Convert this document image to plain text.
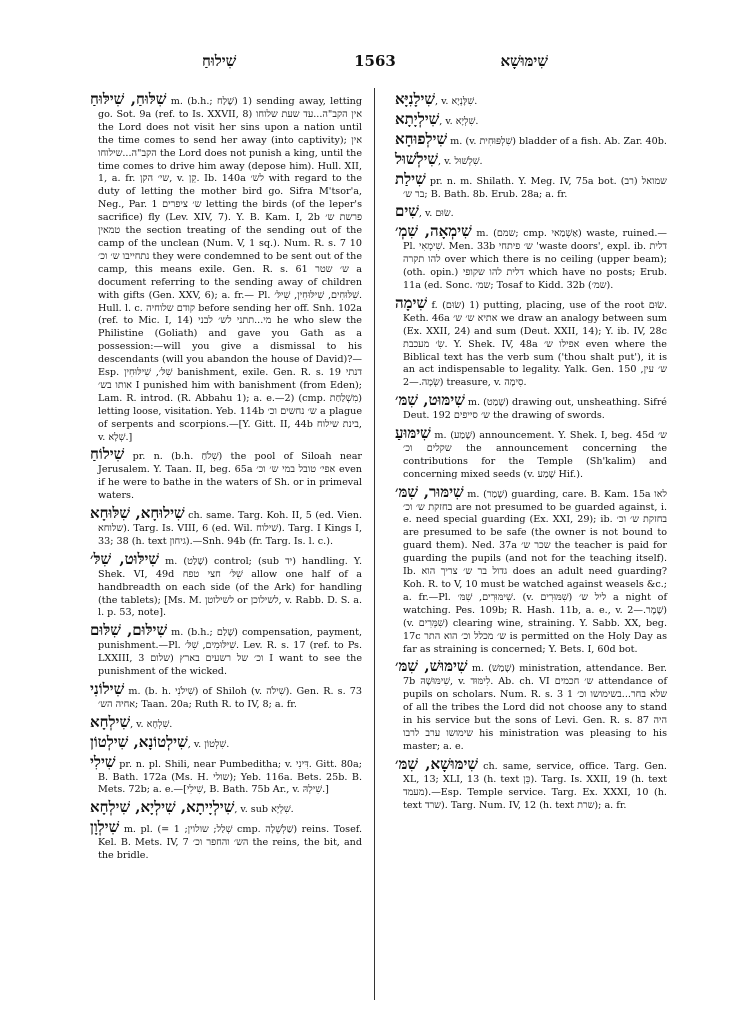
שִׁילוּחַ	1563	שִׁימּוּשָׁא

שִׁלּוּחַ, שִׁילּוּחַ m. (b.h.; שָׁלַח) 1) sending away, letting go. Sot. 9a (ref. to Is. XXVII, 8) אין הקב"ה...עד שעת שלוחו the Lord does not visit her sins upon a nation until the time comes to send her away (into captivity); אין הקב"ה...שילוחו the Lord does not punish a king, until the time comes to drive him away (depose him). Hull. XII, 1, a. fr. שי׳ הקן, v. קֵן. Ib. 140a לש׳ with regard to the duty of letting the mother bird go. Sifra M'tsor'a, Neg., Par. 1 ש׳ ציפרים letting the birds (of the leper's sacrifice) fly (Lev. XIV, 7). Y. B. Kam. I, 2b פרשת ש׳ טמאין the section treating of the sending out of the camp of the unclean (Num. V, 1 sq.). Num. R. s. 7 10 נתחייבו ש׳ וכ׳ they were condemned to be sent out of the camp, this means exile. Gen. R. s. 61 ש׳ שטר a document referring to the sending away of children with gifts (Gen. XXV, 6); a. fr.— Pl. שִׁלּוּחִים, שִׁילּוּחִין, שִׁילּ׳. Hull. l. c. קודם שלוחיה before sending her off. Snh. 102a (ref. to Mic. I, 14) מי...תתני לש׳ לבני he who slew the Philistine (Goliath) and gave you Gath as a possession:—will you give a dismissal to his descendants (will you abandon the house of David)?— Esp. שִׁלּ׳, שִׁילּוּחִין banishment, exile. Gen. R. s. 19 דנתי אותו בש׳ I punished him with banishment (from Eden); Lam. R. introd. (R. Abbahu 1); a. e.—2) (cmp. מִשְׁלַחַת) letting loose, visitation. Yeb. 114b ש׳ נחשים וכ׳ a plague of serpents and scorpions.—[Y. Gitt. II, 44b בינת שילוח, v. שְׁלָא.]

שִׁילוֹחַ pr. n. (b.h. שִׁלֹחַ) the pool of Siloah near Jerusalem. Y. Taan. II, beg. 65a אפי׳ טובל במי ש׳ וכ׳ even if he were to bathe in the waters of Sh. or in primeval waters.

שִׁילוּחָא, שִׁלּוּחָא ch. same. Targ. Koh. II, 5 (ed. Vien. שלוחא). Targ. Is. VIII, 6 (ed. Wil. שׁילוח). Targ. I Kings I, 33; 38 (h. text גיחון).—Snh. 94b (fr. Targ. Is. l. c.).

שִׁילּוּט, שִׁלּ׳ m. (שָׁלַט) control; (sub יד) handling. Y. Shek. VI, 49d שִׁלּ׳ חצי טפח allow one half of a handbreadth on each side (of the Ark) for handling (the tablets); [Ms. M. לשילוטן or לשילוכן, v. Rabb. D. S. a. l. p. 53, note].

שִׁילּוּם, שִׁלּוּם m. (b.h.; שָׁלַם) compensation, payment, punishment.—Pl. שִׁילּוּמִים, שִׁלּ׳. Lev. R. s. 17 (ref. to Ps. LXXIII, 3 וכ׳ של רשעים בארץ (שלום I want to see the punishment of the wicked.

שִׁילוֹנִי m. (b. h. שִׁילֹנִי) of Shiloh (v. שִׁילֹה). Gen. R. s. 73 אחיה הש׳; Taan. 20a; Ruth R. to IV, 8; a. fr.

שִׁילְחָא, v. שִׁלְחָא.

שִׁילְטוֹנָא, שִׁילְטוֹן, v. שִׁלְטוֹן.

שִׁילִי pr. n. pl. Shili, near Pumbeditha; v. דִּינִי. Gitt. 80a; B. Bath. 172a (Ms. H. שולי); Yeb. 116a. Bets. 25b. B. Mets. 72b; a. e.—[שִׁילִי, B. Bath. 75b Ar., v. שִׁילְהּ.]

שִׁילְיָיתָא, שִׁילְיָא, שִׁילְחָא, v. sub שִׁלְיָא.

שִׁילְוָן m. pl. (= שְׁלַל; שולוין; 1 cmp. שַׁלְשְׁלָה) reins. Tosef. Kel. B. Mets. IV, 7 הש׳ והחפר וכ׳ the reins, the bit, and the bridle.

שִׁילָנִיָּא, v. שִׁלָּנְיָא.

שִׁילְיָתָא, v. שִׁלְיָא.

שִׁילְפוּחָא m. (v. שִׁלְפּוּחִית) bladder of a fish. Ab. Zar. 40b.

שִׁילְשׁוּל, v. שִׁלְשׁוּל.

שִׁילַת pr. n. m. Shilath. Y. Meg. IV, 75a bot. (רב) שמואל בר ש׳; B. Bath. 8b. Erub. 28a; a. fr.

שִׁים, v. שׂוּם.

שִׁימְאָה, שִׁמְ׳ m. (שמם; cmp. אַשְׁמַאי) waste, ruined.— Pl. שִׁימְאִי. Men. 33b ש׳ פיתחי 'waste doors', expl. ib. דלית להו תקרה over which there is no ceiling (upper beam); (oth. opin.) דלית להו שקופי which have no posts; Erub. 11a (ed. Sonc. שמ׳; Tosaf to Kidd. 32b (שמ׳).

שִׁימָה f. (שׂוּם) 1) putting, placing, use of the root שׂוּם. Keth. 46a אתיא ש׳ ש׳ we draw an analogy between sum (Ex. XXII, 24) and sum (Deut. XXII, 14); Y. ib. IV, 28c שִׂ׳ מעכבת. Y. Shek. IV, 48a אפילו ש׳ even where the Biblical text has the verb sum ('thou shalt put'), it is an act indispensable to legality. Yalk. Gen. 150 ש׳ עין, שְׂמָה.—2) treasure, v. סִימָה.

שִׁימּוּט, שִׁמּ׳ m. (שָׁמַט) drawing out, unsheathing. Sifré Deut. 192 ש׳ סייפים the drawing of swords.

שִׁימּוּעַ m. (שָׁמַע) announcement. Y. Shek. I, beg. 45d ש׳ שקלים וכ׳ the announcement concerning the contributions for the Temple (Sh'kalim) and concerning mixed seeds (v. שָׁמַע Hif.).

שִׁימּוּר, שִׁמּ׳ m. (שָׁמַר) guarding, care. B. Kam. 15a לאו בחזקת ש׳ וכ׳ are not presumed to be guarded against, i. e. need special guarding (Ex. XXI, 29); ib. בחזקת ש׳ וכ׳ are presumed to be safe (the owner is not bound to guard them). Ned. 37a שכר ש׳ the teacher is paid for guarding the pupils (and not for the teaching itself). Ib. גדול בר ש׳ צריך הוא does an adult need guarding? Koh. R. to V, 10 must be watched against weasels &c.; a. fr.—Pl. שִׁימּוּרִים, שִׁמּ׳. (v. שִׁמּוּרִים) ליל ש׳ a night of watching. Pes. 109b; R. Hash. 11b, a. e., v. שֶׁמֶר.—2) (v. שִׁמְּרִים) clearing wine, straining. Y. Sabb. XX, beg. 17c ש׳ מכלל וכ׳ הוא התר is permitted on the Holy Day as far as straining is concerned; Y. Bets. I, 60d bot.

שִׁימּוּשׁ, שִׁמּ׳ m. (שָׁמַשׁ) ministration, attendance. Ber. 7b שִׁימּוּשָׁהּ, v. לִימּוּד. Ab. ch. VI ש׳ חכמים attendance of pupils on scholars. Num. R. s. 3 1 שלא בחר...בשימושו וכ׳ of all the tribes the Lord did not choose any to stand in his service but the sons of Levi. Gen. R. s. 87 היה שימושו ערב לרבו his ministration was pleasing to his master; a. e.

שִׁימּוּשָׁא, שִׁמּ׳ ch. same, service, office. Targ. Gen. XL, 13; XLI, 13 (h. text כֵּן). Targ. Is. XXII, 19 (h. text מעמד).—Esp. Temple service. Targ. Ex. XXXI, 10 (h. text שרד). Targ. Num. IV, 12 (h. text שרת); a. fr.
